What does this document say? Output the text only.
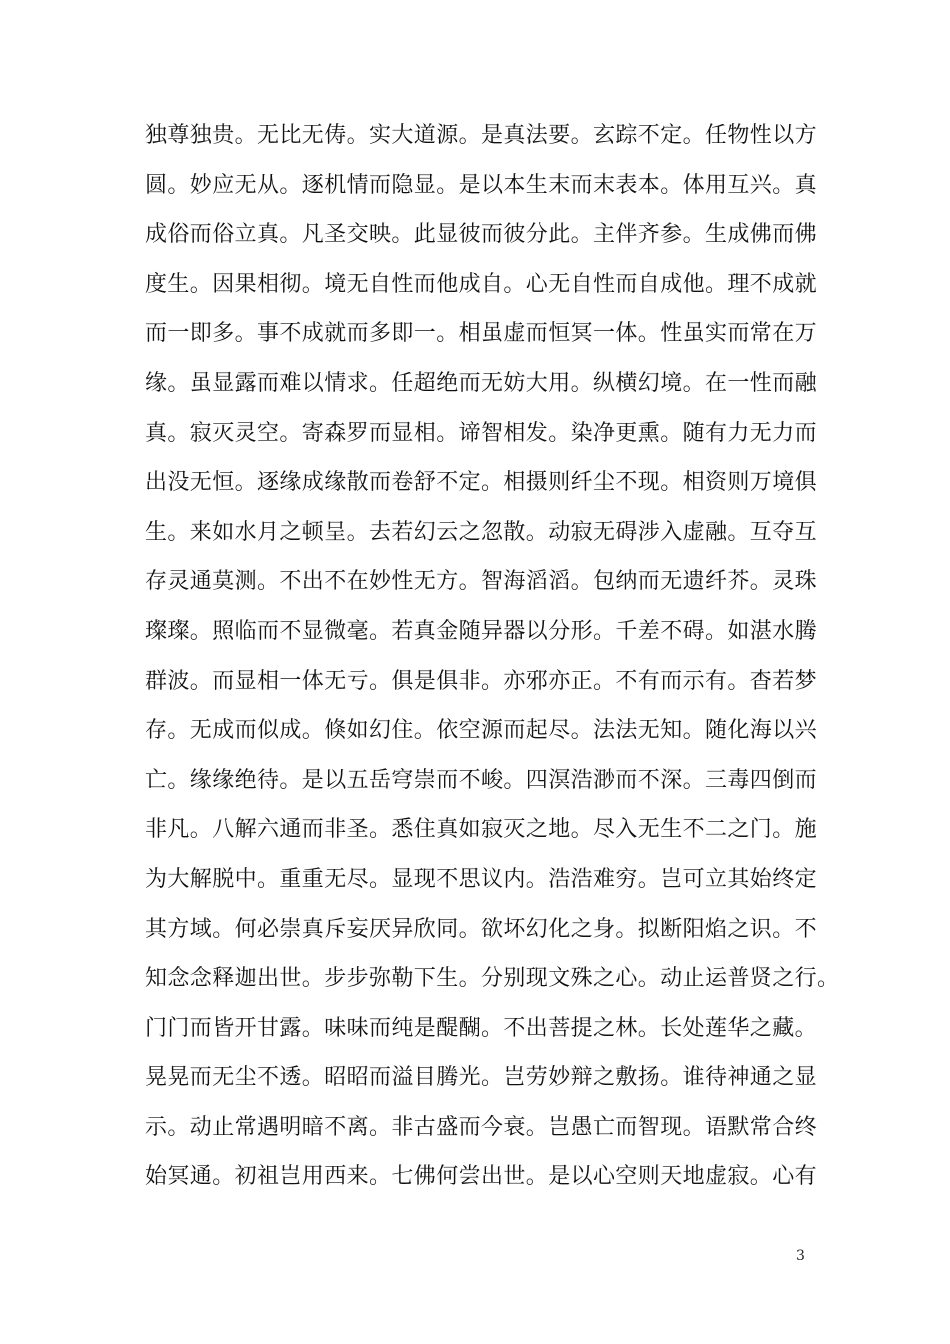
独尊独贵。无比无俦。实大道源。是真法要。玄踪不定。任物性以方
圆。妙应无从。逐机情而隐显。是以本生末而末表本。体用互兴。真
成俗而俗立真。凡圣交映。此显彼而彼分此。主伴齐参。生成佛而佛
度生。因果相彻。境无自性而他成自。心无自性而自成他。理不成就
而一即多。事不成就而多即一。相虽虚而恒冥一体。性虽实而常在万
缘。虽显露而难以情求。任超绝而无妨大用。纵横幻境。在一性而融
真。寂灭灵空。寄森罗而显相。谛智相发。染净更熏。随有力无力而
出没无恒。逐缘成缘散而卷舒不定。相摄则纤尘不现。相资则万境俱
生。来如水月之顿呈。去若幻云之忽散。动寂无碍涉入虚融。互夺互
存灵通莫测。不出不在妙性无方。智海滔滔。包纳而无遗纤芥。灵珠
璨璨。照临而不显微毫。若真金随异器以分形。千差不碍。如湛水腾
群波。而显相一体无亏。俱是俱非。亦邪亦正。不有而示有。杳若梦
存。无成而似成。倏如幻住。依空源而起尽。法法无知。随化海以兴
亡。缘缘绝待。是以五岳穹崇而不峻。四溟浩渺而不深。三毒四倒而
非凡。八解六通而非圣。悉住真如寂灭之地。尽入无生不二之门。施
为大解脱中。重重无尽。显现不思议内。浩浩难穷。岂可立其始终定
其方域。何必崇真斥妄厌异欣同。欲坏幻化之身。拟断阳焰之识。不
知念念释迦出世。步步弥勒下生。分别现文殊之心。动止运普贤之行。
门门而皆开甘露。味味而纯是醍醐。不出菩提之林。长处莲华之藏。
晃晃而无尘不透。昭昭而溢目腾光。岂劳妙辩之敷扬。谁待神通之显
示。动止常遇明暗不离。非古盛而今衰。岂愚亡而智现。语默常合终
始冥通。初祖岂用西来。七佛何尝出世。是以心空则天地虚寂。心有
3
